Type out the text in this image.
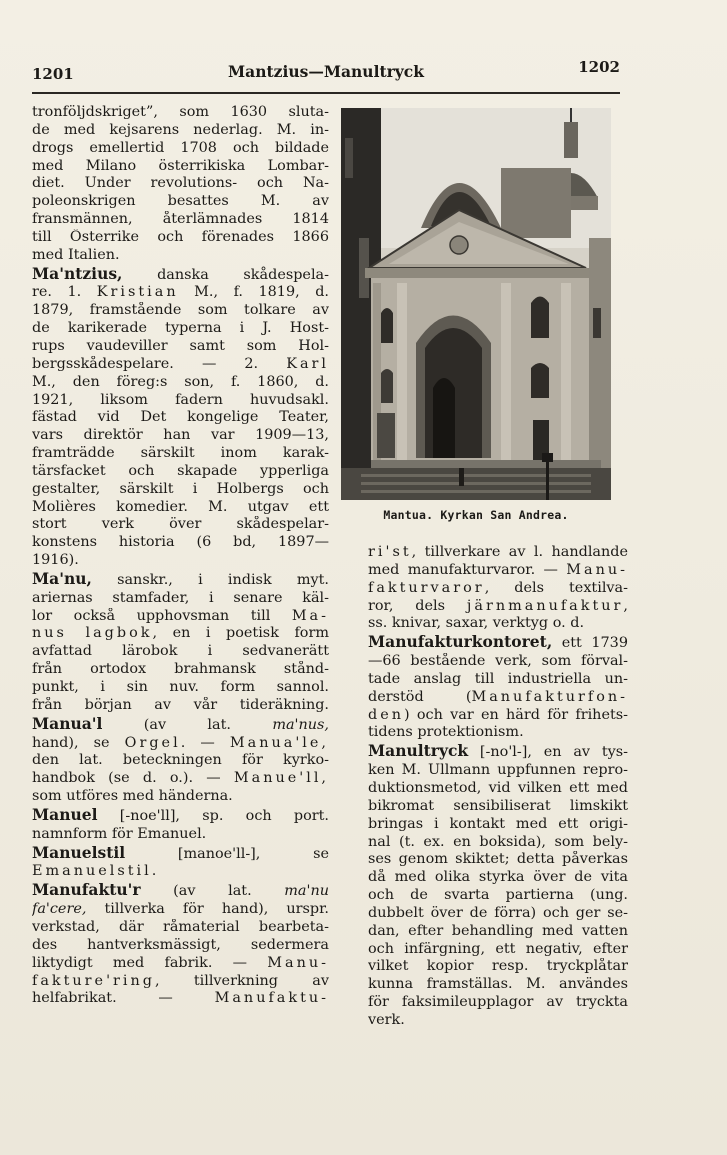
1201	Mantzius—Manultryck	1202
tronföljdskriget”, som 1630 sluta-
de med kejsarens nederlag. M. in-
drogs emellertid 1708 och bildade
med Milano österrikiska Lombar-
diet. Under revolutions- och Na-
poleonskrigen besattes M. av
fransmännen, återlämnades 1814
till Österrike och förenades 1866
med Italien.
Ma'ntzius, danska skådespela-
re. 1. Kristian M., f. 1819, d.
1879, framstående som tolkare av
de karikerade typerna i J. Host-
rups vaudeviller samt som Hol-
bergsskådespelare. — 2. Karl
M., den föreg:s son, f. 1860, d.
1921, liksom fadern huvudsakl.
fästad vid Det kongelige Teater,
vars direktör han var 1909—13,
framträdde särskilt inom karak-
tärsfacket och skapade ypperliga
gestalter, särskilt i Holbergs och
Molières komedier. M. utgav ett
stort verk över skådespelar-
konstens historia (6 bd, 1897—
1916).
Ma'nu, sanskr., i indisk myt.
ariernas stamfader, i senare käl-
lor också upphovsman till Ma-
nus lagbok, en i poetisk form
avfattad lärobok i sedvanerätt
från ortodox brahmansk stånd-
punkt, i sin nuv. form sannol.
från början av vår tideräkning.
Manua'l (av lat. ma'nus,
hand), se Orgel. — Manua'le,
den lat. beteckningen för kyrko-
handbok (se d. o.). — Manue'll,
som utföres med händerna.
Manuel [-noe'll], sp. och port.
namnform för Emanuel.
Manuelstil [manoe'll-], se
Emanuelstil.
Manufaktu'r (av lat. ma'nu
fa'cere, tillverka för hand), urspr.
verkstad, där råmaterial bearbeta-
des hantverksmässigt, sedermera
liktydigt med fabrik. — Manu-
fakture'ring, tillverkning av
helfabrikat. — Manufaktu-
Mantua. Kyrkan San Andrea.
ri'st, tillverkare av l. handlande
med manufakturvaror. — Manu-
fakturvaror, dels textilva-
ror, dels järnmanufaktur,
ss. knivar, saxar, verktyg o. d.
Manufakturkontoret, ett 1739
—66 bestående verk, som förval-
tade anslag till industriella un-
derstöd (Manufakturfon-
den) och var en härd för frihets-
tidens protektionism.
Manultryck [-no'l-], en av tys-
ken M. Ullmann uppfunnen repro-
duktionsmetod, vid vilken ett med
bikromat sensibiliserat limskikt
bringas i kontakt med ett origi-
nal (t. ex. en boksida), som bely-
ses genom skiktet; detta påverkas
då med olika styrka över de vita
och de svarta partierna (ung.
dubbelt över de förra) och ger se-
dan, efter behandling med vatten
och infärgning, ett negativ, efter
vilket kopior resp. tryckplåtar
kunna framställas. M. användes
för faksimileupplagor av tryckta
verk.
